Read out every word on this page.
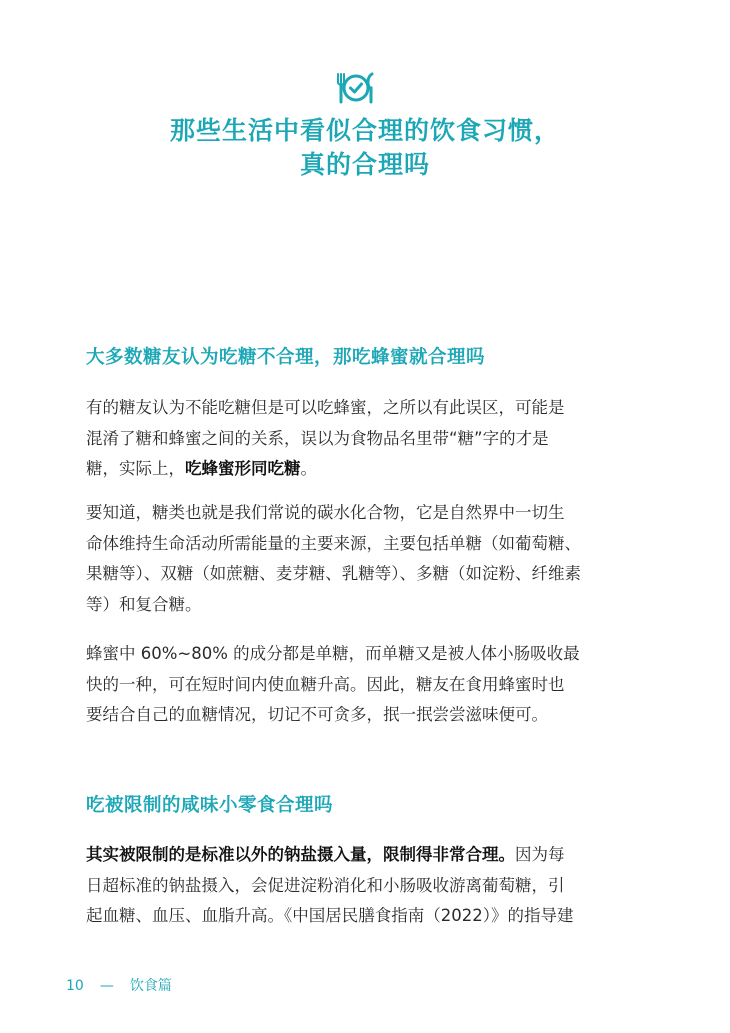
那些生活中看似合理的饮食习惯，
真的合理吗
大多数糖友认为吃糖不合理，那吃蜂蜜就合理吗
有的糖友认为不能吃糖但是可以吃蜂蜜，之所以有此误区，可能是
混淆了糖和蜂蜜之间的关系，误以为食物品名里带“糖”字的才是
糖，实际上，吃蜂蜜形同吃糖。
要知道，糖类也就是我们常说的碳水化合物，它是自然界中一切生
命体维持生命活动所需能量的主要来源，主要包括单糖（如葡萄糖、
果糖等）、双糖（如蔗糖、麦芽糖、乳糖等）、多糖（如淀粉、纤维素
等）和复合糖。
蜂蜜中 60%~80% 的成分都是单糖，而单糖又是被人体小肠吸收最
快的一种，可在短时间内使血糖升高。因此，糖友在食用蜂蜜时也
要结合自己的血糖情况，切记不可贪多，抿一抿尝尝滋味便可。
吃被限制的咸味小零食合理吗
其实被限制的是标准以外的钠盐摄入量，限制得非常合理。因为每
日超标准的钠盐摄入，会促进淀粉消化和小肠吸收游离葡萄糖，引
起血糖、血压、血脂升高。《中国居民膳食指南（2022）》的指导建
10 — 饮食篇
